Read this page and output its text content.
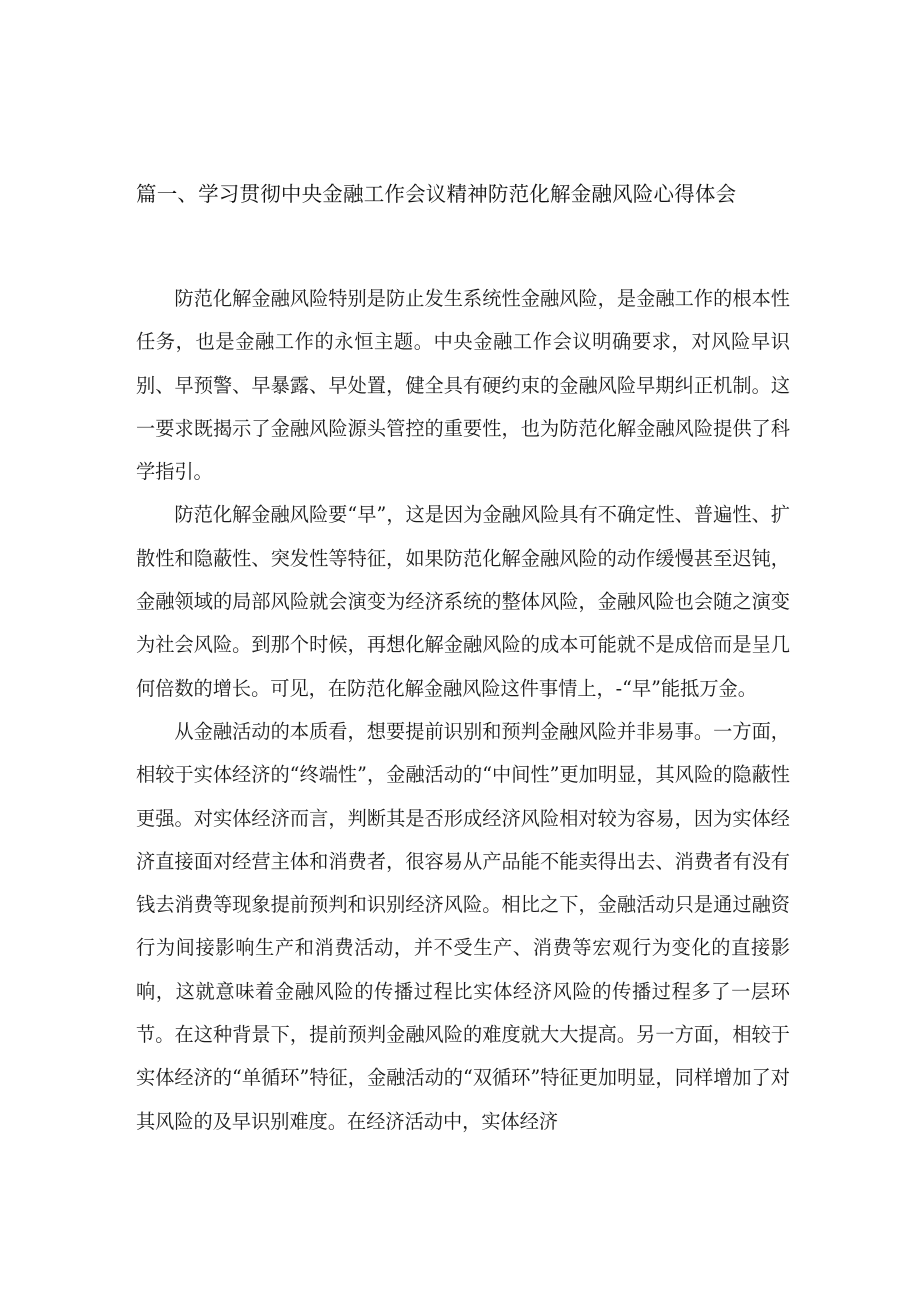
篇一、学习贯彻中央金融工作会议精神防范化解金融风险心得体会

防范化解金融风险特别是防止发生系统性金融风险，是金融工作的根本性任务，也是金融工作的永恒主题。中央金融工作会议明确要求，对风险早识别、早预警、早暴露、早处置，健全具有硬约束的金融风险早期纠正机制。这一要求既揭示了金融风险源头管控的重要性，也为防范化解金融风险提供了科学指引。

防范化解金融风险要“早”，这是因为金融风险具有不确定性、普遍性、扩散性和隐蔽性、突发性等特征，如果防范化解金融风险的动作缓慢甚至迟钝，金融领域的局部风险就会演变为经济系统的整体风险，金融风险也会随之演变为社会风险。到那个时候，再想化解金融风险的成本可能就不是成倍而是呈几何倍数的增长。可见，在防范化解金融风险这件事情上，-“早”能抵万金。

从金融活动的本质看，想要提前识别和预判金融风险并非易事。一方面，相较于实体经济的“终端性”，金融活动的“中间性”更加明显，其风险的隐蔽性更强。对实体经济而言，判断其是否形成经济风险相对较为容易，因为实体经济直接面对经营主体和消费者，很容易从产品能不能卖得出去、消费者有没有钱去消费等现象提前预判和识别经济风险。相比之下，金融活动只是通过融资行为间接影响生产和消费活动，并不受生产、消费等宏观行为变化的直接影响，这就意味着金融风险的传播过程比实体经济风险的传播过程多了一层环节。在这种背景下，提前预判金融风险的难度就大大提高。另一方面，相较于实体经济的“单循环”特征，金融活动的“双循环”特征更加明显，同样增加了对其风险的及早识别难度。在经济活动中，实体经济
